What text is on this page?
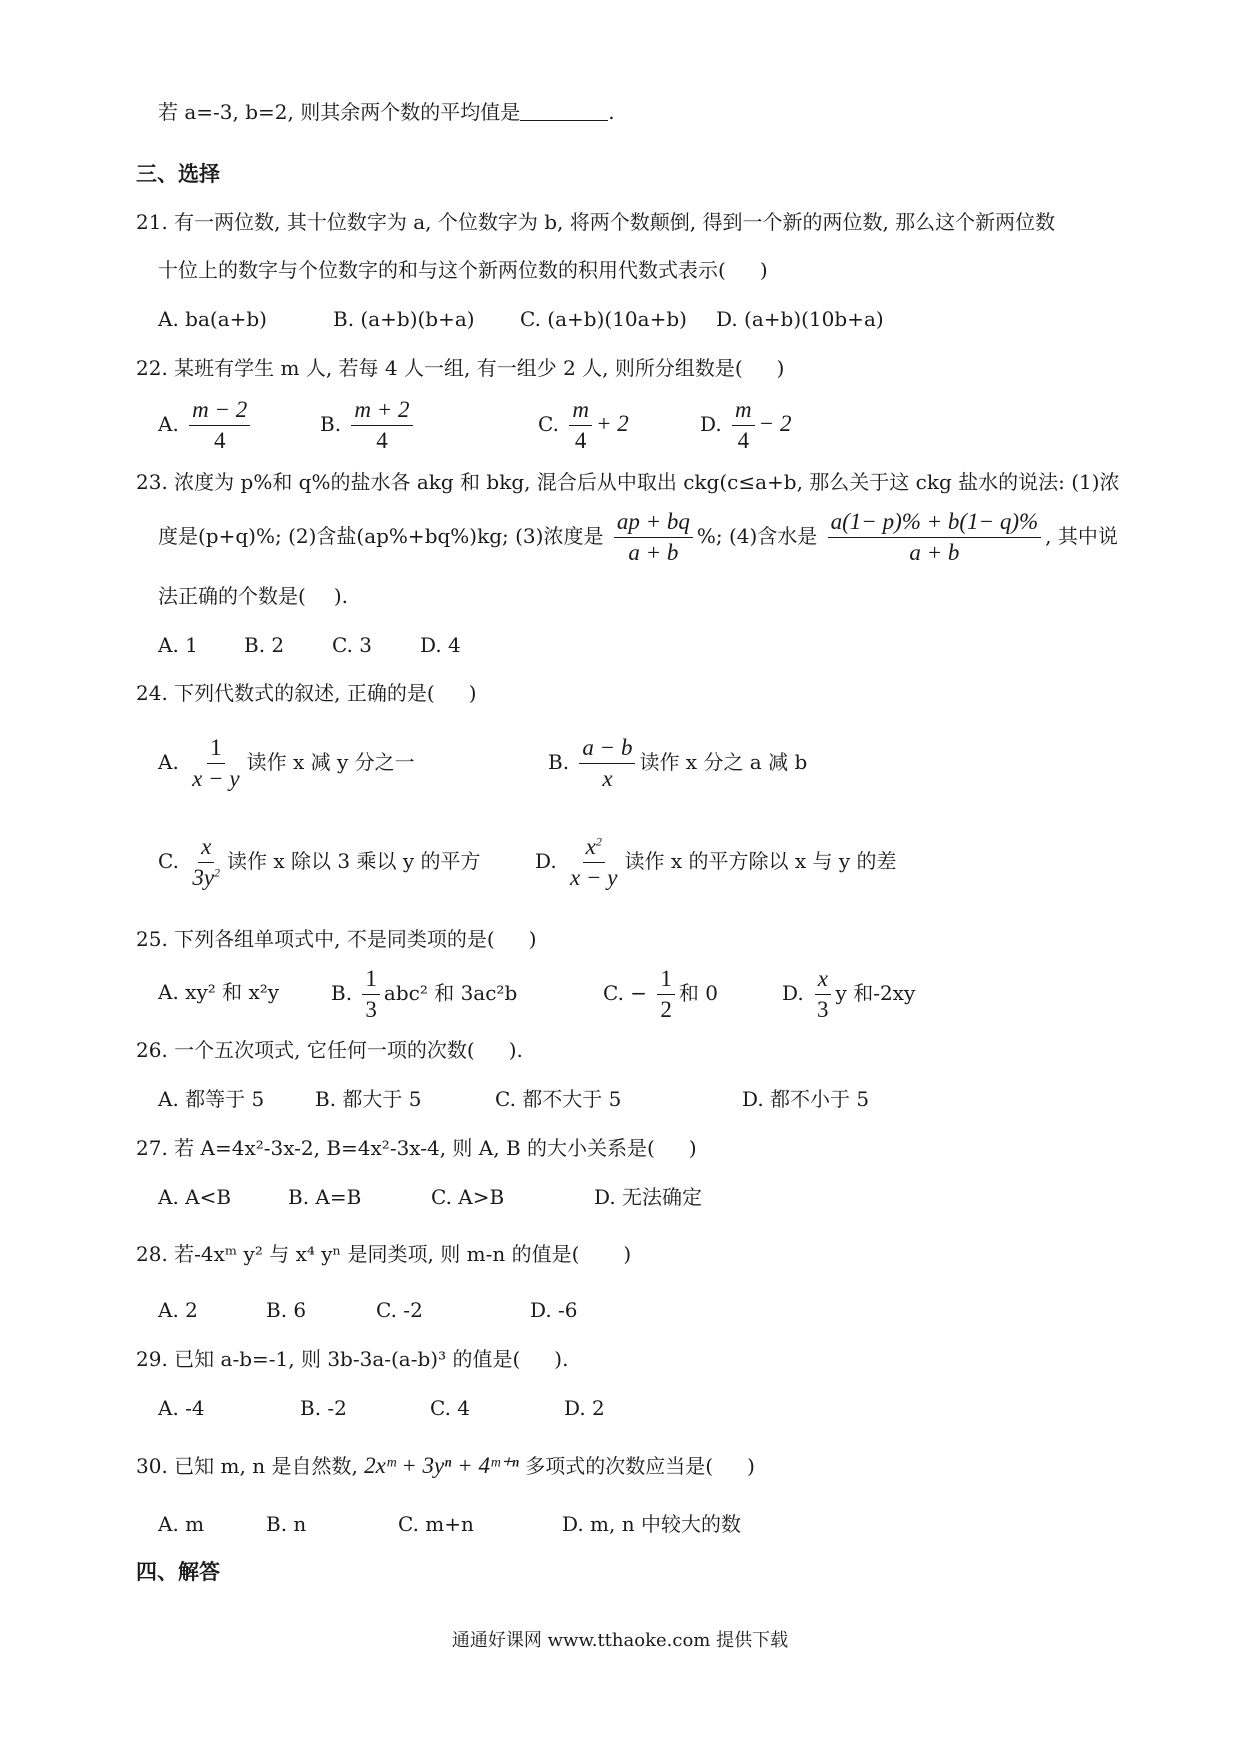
若 a=-3, b=2, 则其余两个数的平均值是	.
三、选择
21. 有一两位数, 其十位数字为 a, 个位数字为 b, 将两个数颠倒, 得到一个新的两位数, 那么这个新两位数
十位上的数字与个位数字的和与这个新两位数的积用代数式表示( )
A. ba(a+b)	B. (a+b)(b+a) C. (a+b)(10a+b) D. (a+b)(10b+a)
22. 某班有学生 m 人, 若每 4 人一组, 有一组少 2 人, 则所分组数是( )
A. $\frac{m - 2}{4}$	B. $\frac{m + 2}{4}$	C. $\frac{m}{4} + 2$	D. $\frac{m}{4} - 2$
23. 浓度为 p%和 q%的盐水各 akg 和 bkg, 混合后从中取出 ckg(c≤a+b, 那么关于这 ckg 盐水的说法: (1)浓
度是(p+q)%; (2)含盐(ap%+bq%)kg; (3)浓度是 $\frac{ap + bq}{a + b}$ %; (4)含水是 $\frac{a(1- p)\% + b(1- q)\%}{a + b}$ , 其中说
法正确的个数是( ).
A. 1 B. 2 C. 3 D. 4
24. 下列代数式的叙述, 正确的是( )
A. $\frac{1}{x - y}$ 读作 x 减 y 分之一	B. $\frac{a - b}{x}$ 读作 x 分之 a 减 b
C. $\frac{x}{3y^2}$ 读作 x 除以 3 乘以 y 的平方	D. $\frac{x^2}{x - y}$ 读作 x 的平方除以 x 与 y 的差
25. 下列各组单项式中, 不是同类项的是( )
A. xy² 和 x²y	B. $\frac{1}{3} abc^2$ 和 3ac²b	C. − $\frac{1}{2}$ 和 0	D. $\frac{x}{3}$ y 和-2xy
26. 一个五次项式, 它任何一项的次数( ).
A. 都等于 5	B. 都大于 5	C. 都不大于 5	D. 都不小于 5
27. 若 A=4x²-3x-2, B=4x²-3x-4, 则 A, B 的大小关系是( )
A. A<B	B. A=B	C. A>B	D. 无法确定
28. 若-4xᵐ y² 与 x⁴ yⁿ 是同类项, 则 m-n 的值是( )
A. 2	B. 6	C. -2	D. -6
29. 已知 a-b=-1, 则 3b-3a-(a-b)³ 的值是( ).
A. -4	B. -2	C. 4	D. 2
30. 已知 m, n 是自然数, 2xᵐ + 3yⁿ + 4ᵐ⁺ⁿ 多项式的次数应当是( )
A. m	B. n	C. m+n	D. m, n 中较大的数
四、解答
通通好课网 www.tthaoke.com 提供下载
